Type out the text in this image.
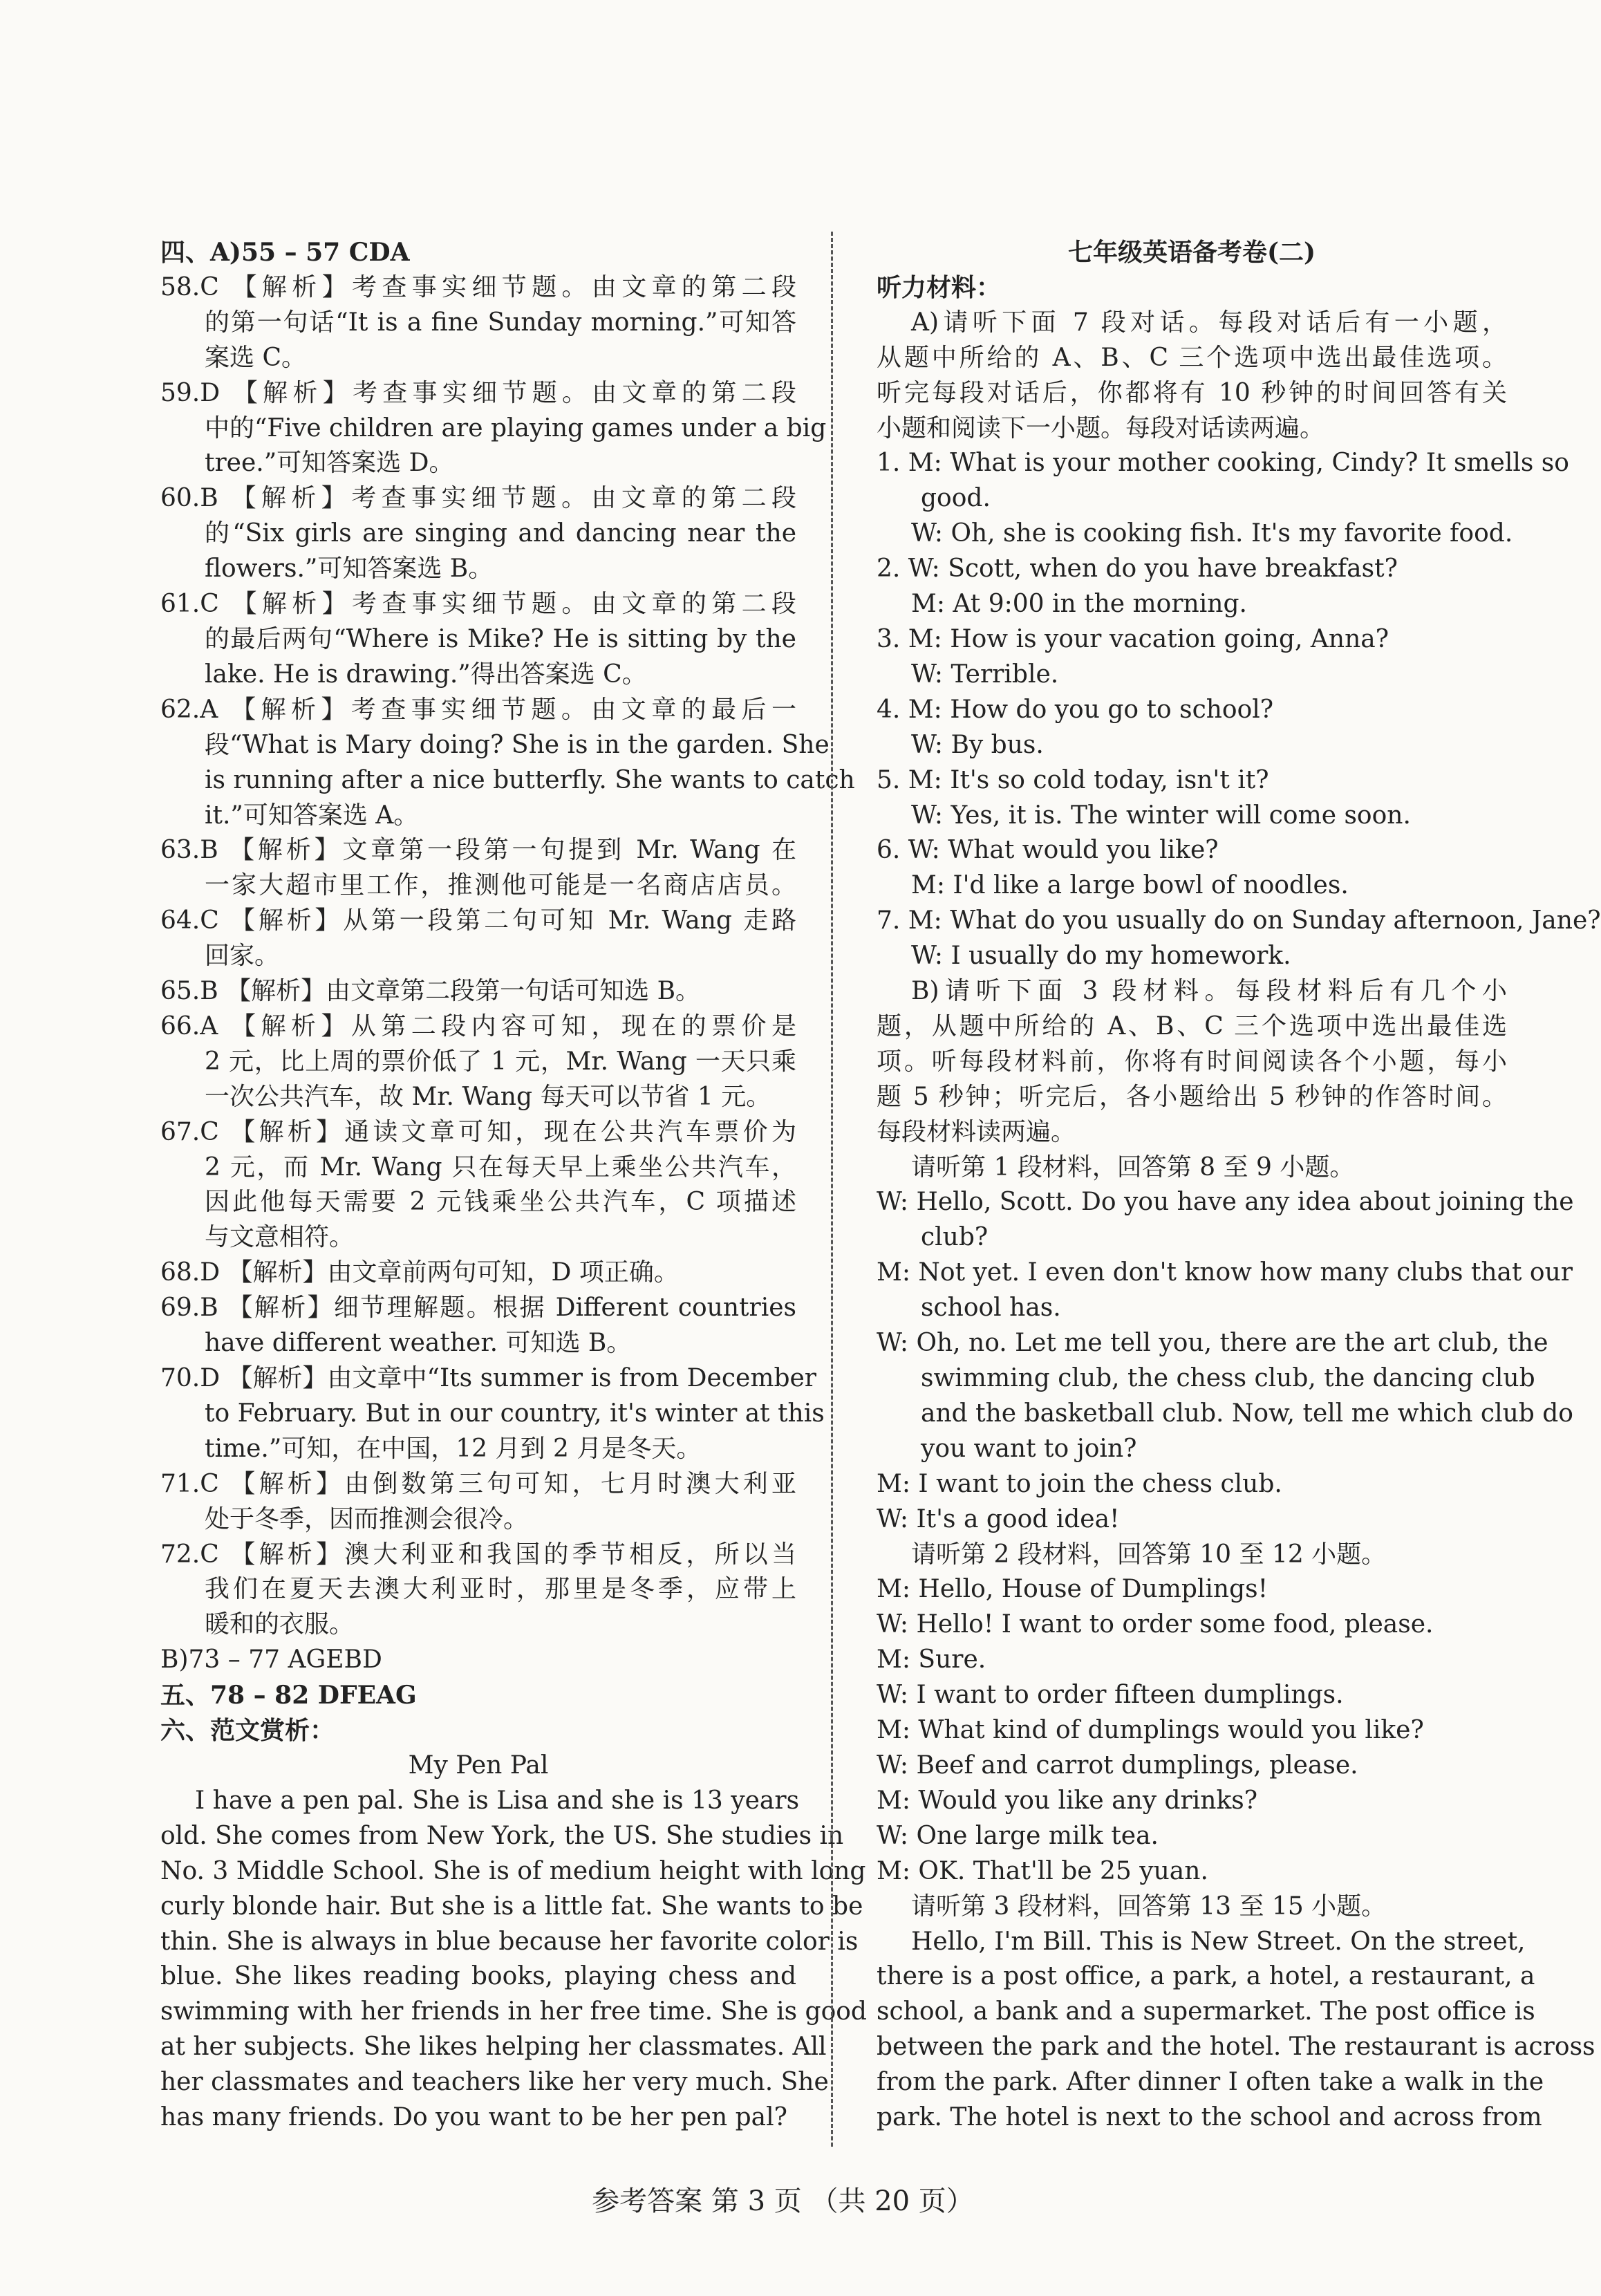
四、A)55 – 57 CDA
58.C 【解析】考查事实细节题。由文章的第二段
的第一句话“It is a fine Sunday morning.”可知答
案选 C。
59.D 【解析】考查事实细节题。由文章的第二段
中的“Five children are playing games under a big
tree.”可知答案选 D。
60.B 【解析】考查事实细节题。由文章的第二段
的“Six girls are singing and dancing near the
flowers.”可知答案选 B。
61.C 【解析】考查事实细节题。由文章的第二段
的最后两句“Where is Mike? He is sitting by the
lake. He is drawing.”得出答案选 C。
62.A 【解析】考查事实细节题。由文章的最后一
段“What is Mary doing? She is in the garden. She
is running after a nice butterfly. She wants to catch
it.”可知答案选 A。
63.B 【解析】文章第一段第一句提到 Mr. Wang 在
一家大超市里工作，推测他可能是一名商店店员。
64.C 【解析】从第一段第二句可知 Mr. Wang 走路
回家。
65.B 【解析】由文章第二段第一句话可知选 B。
66.A 【解析】从第二段内容可知，现在的票价是
2 元，比上周的票价低了 1 元，Mr. Wang 一天只乘
一次公共汽车，故 Mr. Wang 每天可以节省 1 元。
67.C 【解析】通读文章可知，现在公共汽车票价为
2 元，而 Mr. Wang 只在每天早上乘坐公共汽车，
因此他每天需要 2 元钱乘坐公共汽车，C 项描述
与文意相符。
68.D 【解析】由文章前两句可知，D 项正确。
69.B 【解析】细节理解题。根据 Different countries
have different weather. 可知选 B。
70.D 【解析】由文章中“Its summer is from December
to February. But in our country, it's winter at this
time.”可知，在中国，12 月到 2 月是冬天。
71.C 【解析】由倒数第三句可知，七月时澳大利亚
处于冬季，因而推测会很冷。
72.C 【解析】澳大利亚和我国的季节相反，所以当
我们在夏天去澳大利亚时，那里是冬季，应带上
暖和的衣服。
B)73 – 77 AGEBD
五、78 – 82 DFEAG
六、范文赏析：
My Pen Pal
I have a pen pal. She is Lisa and she is 13 years
old. She comes from New York, the US. She studies in
No. 3 Middle School. She is of medium height with long
curly blonde hair. But she is a little fat. She wants to be
thin. She is always in blue because her favorite color is
blue. She likes reading books, playing chess and
swimming with her friends in her free time. She is good
at her subjects. She likes helping her classmates. All
her classmates and teachers like her very much. She
has many friends. Do you want to be her pen pal?
七年级英语备考卷(二)
听力材料：
A)请听下面 7 段对话。每段对话后有一小题，
从题中所给的 A、B、C 三个选项中选出最佳选项。
听完每段对话后，你都将有 10 秒钟的时间回答有关
小题和阅读下一小题。每段对话读两遍。
1. M: What is your mother cooking, Cindy? It smells so
good.
W: Oh, she is cooking fish. It's my favorite food.
2. W: Scott, when do you have breakfast?
M: At 9:00 in the morning.
3. M: How is your vacation going, Anna?
W: Terrible.
4. M: How do you go to school?
W: By bus.
5. M: It's so cold today, isn't it?
W: Yes, it is. The winter will come soon.
6. W: What would you like?
M: I'd like a large bowl of noodles.
7. M: What do you usually do on Sunday afternoon, Jane?
W: I usually do my homework.
B)请听下面 3 段材料。每段材料后有几个小
题，从题中所给的 A、B、C 三个选项中选出最佳选
项。听每段材料前，你将有时间阅读各个小题，每小
题 5 秒钟；听完后，各小题给出 5 秒钟的作答时间。
每段材料读两遍。
请听第 1 段材料，回答第 8 至 9 小题。
W: Hello, Scott. Do you have any idea about joining the
club?
M: Not yet. I even don't know how many clubs that our
school has.
W: Oh, no. Let me tell you, there are the art club, the
swimming club, the chess club, the dancing club
and the basketball club. Now, tell me which club do
you want to join?
M: I want to join the chess club.
W: It's a good idea!
请听第 2 段材料，回答第 10 至 12 小题。
M: Hello, House of Dumplings!
W: Hello! I want to order some food, please.
M: Sure.
W: I want to order fifteen dumplings.
M: What kind of dumplings would you like?
W: Beef and carrot dumplings, please.
M: Would you like any drinks?
W: One large milk tea.
M: OK. That'll be 25 yuan.
请听第 3 段材料，回答第 13 至 15 小题。
Hello, I'm Bill. This is New Street. On the street,
there is a post office, a park, a hotel, a restaurant, a
school, a bank and a supermarket. The post office is
between the park and the hotel. The restaurant is across
from the park. After dinner I often take a walk in the
park. The hotel is next to the school and across from
参考答案 第 3 页 （共 20 页）
